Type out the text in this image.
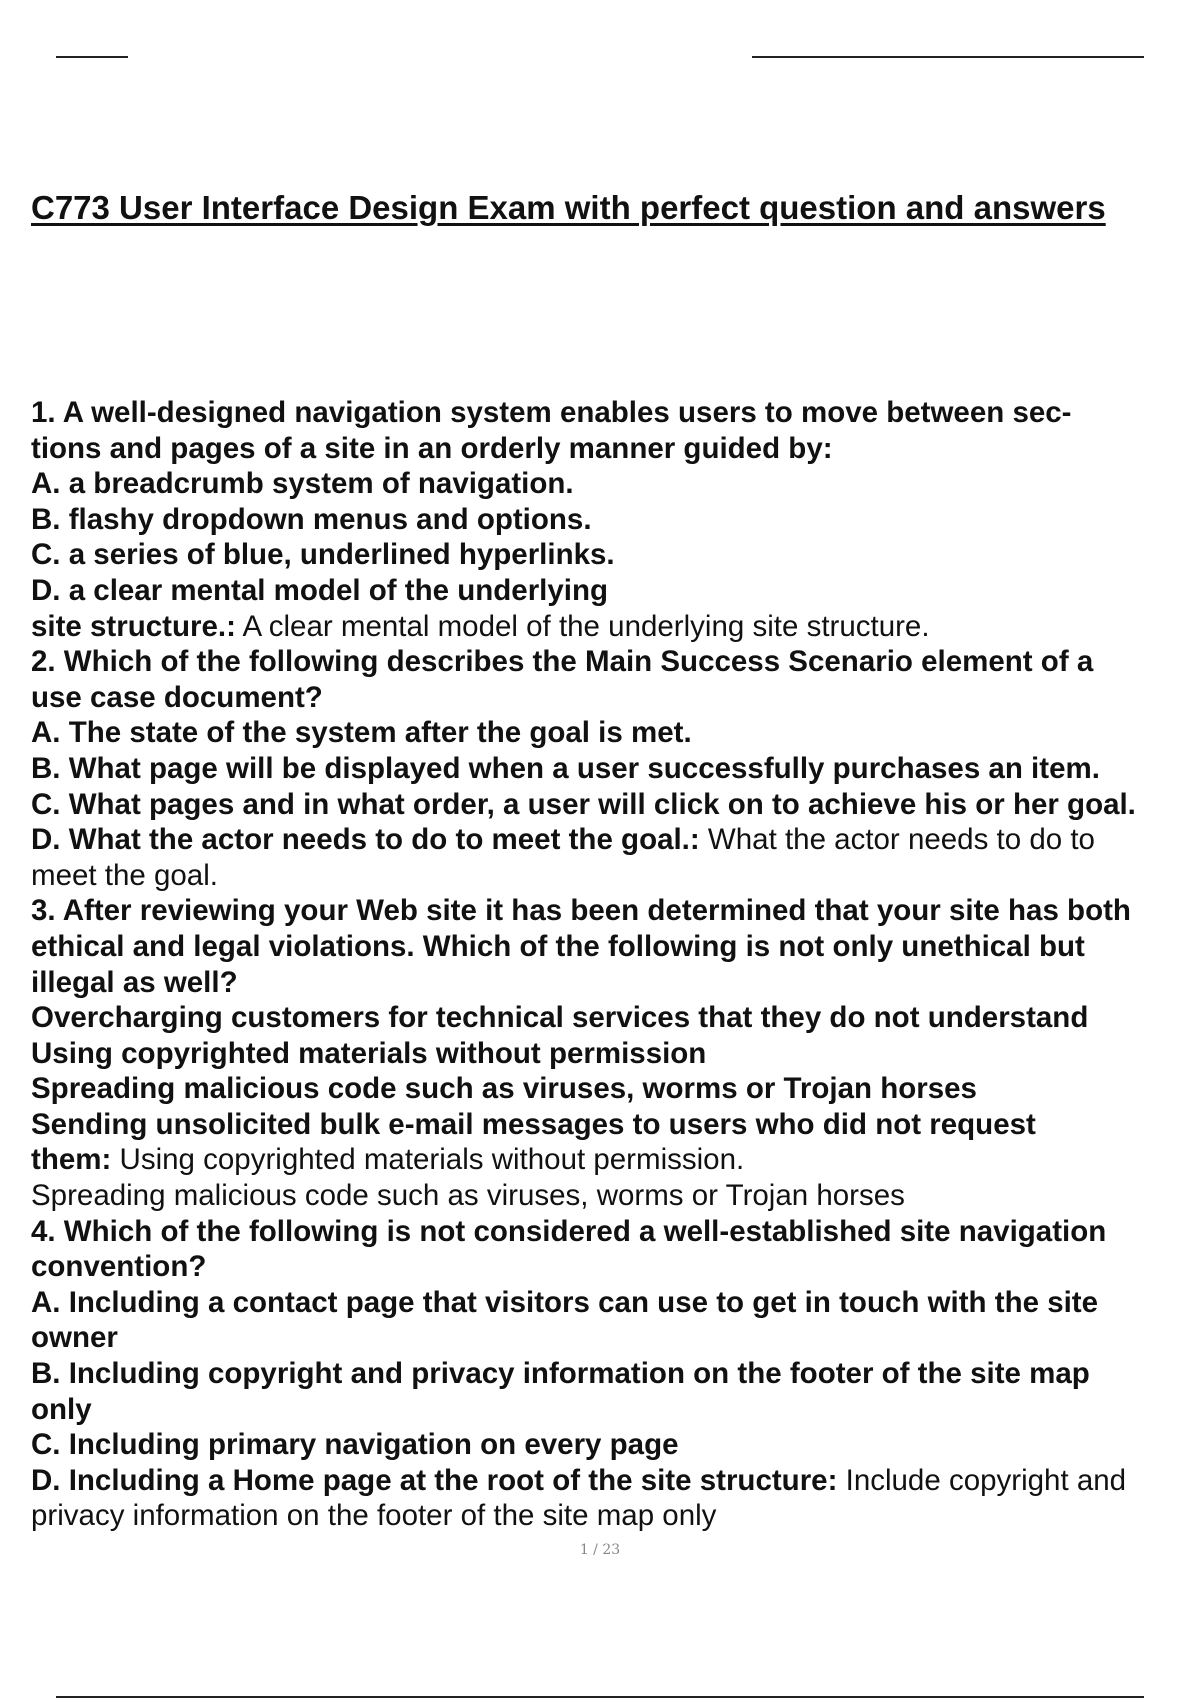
C773 User Interface Design Exam with perfect question and answers
1. A well-designed navigation system enables users to move between sec-
tions and pages of a site in an orderly manner guided by:
A. a breadcrumb system of navigation.
B. flashy dropdown menus and options.
C. a series of blue, underlined hyperlinks.
D. a clear mental model of the underlying
site structure.: A clear mental model of the underlying site structure.
2. Which of the following describes the Main Success Scenario element of a
use case document?
A. The state of the system after the goal is met.
B. What page will be displayed when a user successfully purchases an item.
C. What pages and in what order, a user will click on to achieve his or her goal.
D. What the actor needs to do to meet the goal.: What the actor needs to do to
meet the goal.
3. After reviewing your Web site it has been determined that your site has both
ethical and legal violations. Which of the following is not only unethical but
illegal as well?
Overcharging customers for technical services that they do not understand
Using copyrighted materials without permission
Spreading malicious code such as viruses, worms or Trojan horses
Sending unsolicited bulk e-mail messages to users who did not request
them: Using copyrighted materials without permission.
Spreading malicious code such as viruses, worms or Trojan horses
4. Which of the following is not considered a well-established site navigation
convention?
A. Including a contact page that visitors can use to get in touch with the site
owner
B. Including copyright and privacy information on the footer of the site map
only
C. Including primary navigation on every page
D. Including a Home page at the root of the site structure: Include copyright and
privacy information on the footer of the site map only
1 / 23
